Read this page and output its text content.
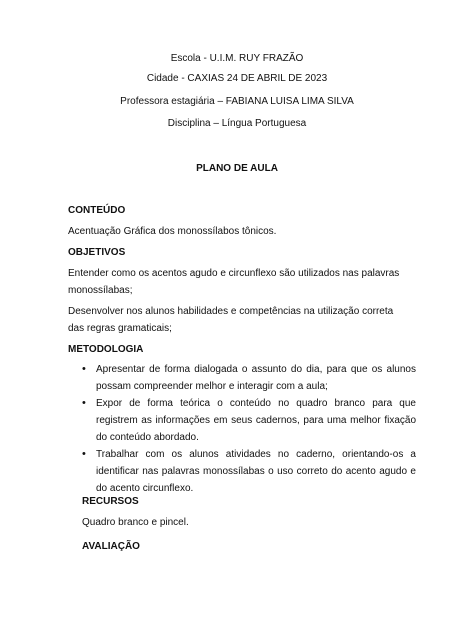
Escola - U.I.M. RUY FRAZÃO
Cidade - CAXIAS 24 DE ABRIL DE 2023
Professora estagiária – FABIANA LUISA LIMA SILVA
Disciplina – Língua Portuguesa
PLANO DE AULA
CONTEÚDO
Acentuação Gráfica dos monossílabos tônicos.
OBJETIVOS
Entender como os acentos agudo e circunflexo são utilizados nas palavras monossílabas;
Desenvolver nos alunos habilidades e competências na utilização correta das regras gramaticais;
METODOLOGIA
• Apresentar de forma dialogada o assunto do dia, para que os alunos possam compreender melhor e interagir com a aula;
• Expor de forma teórica o conteúdo no quadro branco para que registrem as informações em seus cadernos, para uma melhor fixação do conteúdo abordado.
• Trabalhar com os alunos atividades no caderno, orientando-os a identificar nas palavras monossílabas o uso correto do acento agudo e do acento circunflexo.
RECURSOS
Quadro branco e pincel.
AVALIAÇÃO
